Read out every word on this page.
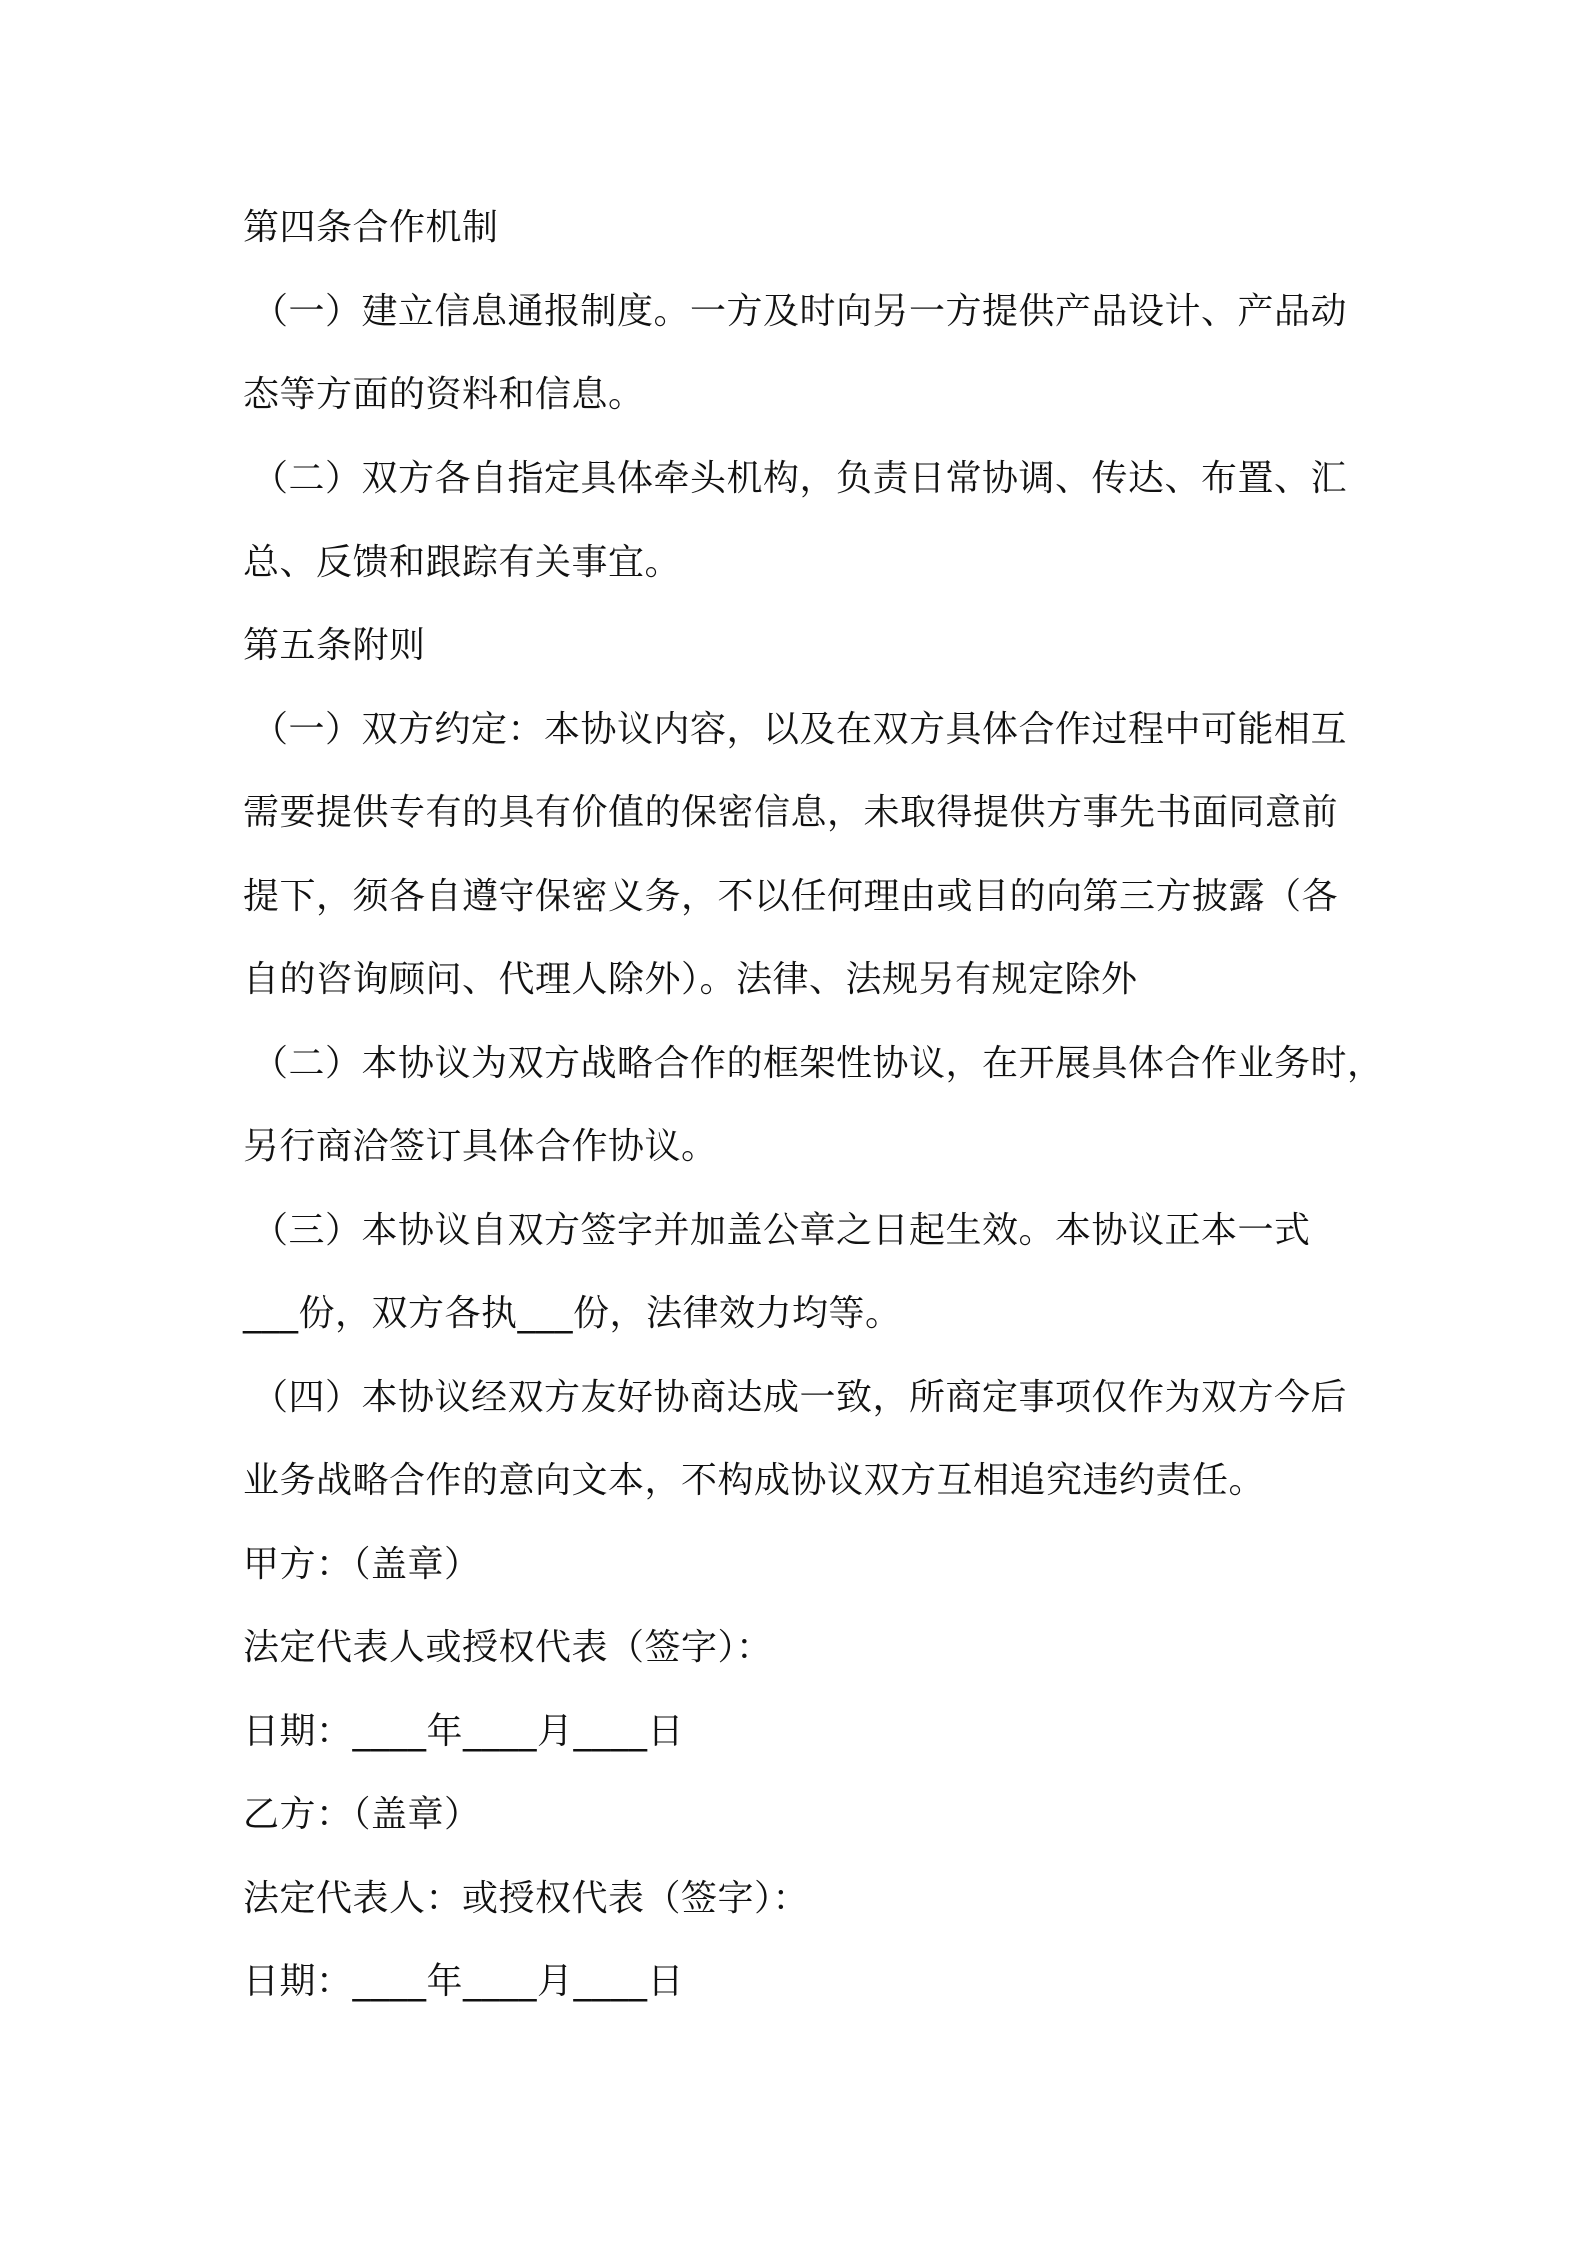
第四条合作机制
（一）建立信息通报制度。一方及时向另一方提供产品设计、产品动
态等方面的资料和信息。
（二）双方各自指定具体牵头机构，负责日常协调、传达、布置、汇
总、反馈和跟踪有关事宜。
第五条附则
（一）双方约定：本协议内容，以及在双方具体合作过程中可能相互
需要提供专有的具有价值的保密信息，未取得提供方事先书面同意前
提下，须各自遵守保密义务，不以任何理由或目的向第三方披露（各
自的咨询顾问、代理人除外）。法律、法规另有规定除外
（二）本协议为双方战略合作的框架性协议，在开展具体合作业务时，
另行商洽签订具体合作协议。
（三）本协议自双方签字并加盖公章之日起生效。本协议正本一式
___份，双方各执___份，法律效力均等。
（四）本协议经双方友好协商达成一致，所商定事项仅作为双方今后
业务战略合作的意向文本，不构成协议双方互相追究违约责任。
甲方：（盖章）
法定代表人或授权代表（签字）：
日期：____年____月____日
乙方：（盖章）
法定代表人：或授权代表（签字）：
日期：____年____月____日
